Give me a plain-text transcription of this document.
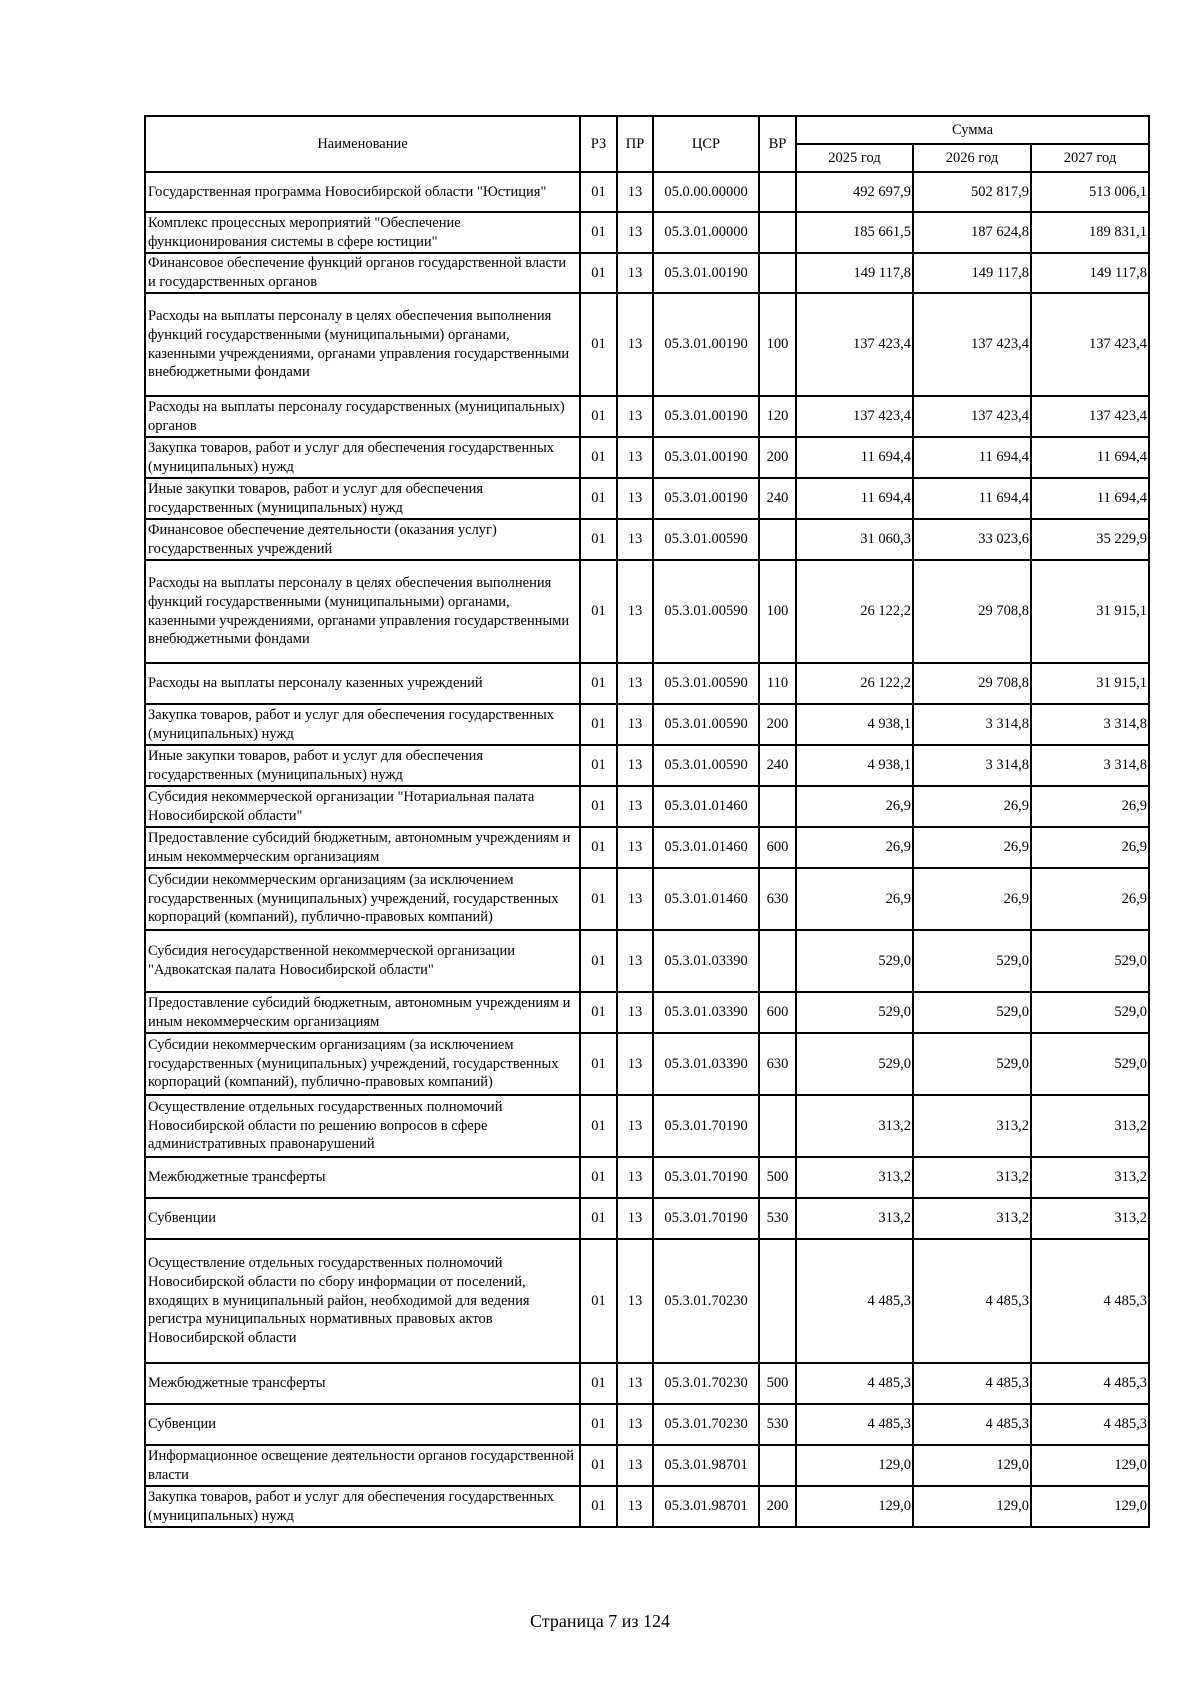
Наименование	РЗ	ПР	ЦСР	ВР	Сумма		
					2025 год	2026 год	2027 год
Государственная программа Новосибирской области "Юстиция"	01	13	05.0.00.00000		492 697,9	502 817,9	513 006,1
Комплекс процессных мероприятий "Обеспечение функционирования системы в сфере юстиции"	01	13	05.3.01.00000		185 661,5	187 624,8	189 831,1
Финансовое обеспечение функций органов государственной власти и государственных органов	01	13	05.3.01.00190		149 117,8	149 117,8	149 117,8
Расходы на выплаты персоналу в целях обеспечения выполнения функций государственными (муниципальными) органами, казенными учреждениями, органами управления государственными внебюджетными фондами	01	13	05.3.01.00190	100	137 423,4	137 423,4	137 423,4
Расходы на выплаты персоналу государственных (муниципальных) органов	01	13	05.3.01.00190	120	137 423,4	137 423,4	137 423,4
Закупка товаров, работ и услуг для обеспечения государственных (муниципальных) нужд	01	13	05.3.01.00190	200	11 694,4	11 694,4	11 694,4
Иные закупки товаров, работ и услуг для обеспечения государственных (муниципальных) нужд	01	13	05.3.01.00190	240	11 694,4	11 694,4	11 694,4
Финансовое обеспечение деятельности (оказания услуг) государственных учреждений	01	13	05.3.01.00590		31 060,3	33 023,6	35 229,9
Расходы на выплаты персоналу в целях обеспечения выполнения функций государственными (муниципальными) органами, казенными учреждениями, органами управления государственными внебюджетными фондами	01	13	05.3.01.00590	100	26 122,2	29 708,8	31 915,1
Расходы на выплаты персоналу казенных учреждений	01	13	05.3.01.00590	110	26 122,2	29 708,8	31 915,1
Закупка товаров, работ и услуг для обеспечения государственных (муниципальных) нужд	01	13	05.3.01.00590	200	4 938,1	3 314,8	3 314,8
Иные закупки товаров, работ и услуг для обеспечения государственных (муниципальных) нужд	01	13	05.3.01.00590	240	4 938,1	3 314,8	3 314,8
Субсидия некоммерческой организации "Нотариальная палата Новосибирской области"	01	13	05.3.01.01460		26,9	26,9	26,9
Предоставление субсидий бюджетным, автономным учреждениям и иным некоммерческим организациям	01	13	05.3.01.01460	600	26,9	26,9	26,9
Субсидии некоммерческим организациям (за исключением государственных (муниципальных) учреждений, государственных корпораций (компаний), публично-правовых компаний)	01	13	05.3.01.01460	630	26,9	26,9	26,9
Субсидия негосударственной некоммерческой организации "Адвокатская палата Новосибирской области"	01	13	05.3.01.03390		529,0	529,0	529,0
Предоставление субсидий бюджетным, автономным учреждениям и иным некоммерческим организациям	01	13	05.3.01.03390	600	529,0	529,0	529,0
Субсидии некоммерческим организациям (за исключением государственных (муниципальных) учреждений, государственных корпораций (компаний), публично-правовых компаний)	01	13	05.3.01.03390	630	529,0	529,0	529,0
Осуществление отдельных государственных полномочий Новосибирской области по решению вопросов в сфере административных правонарушений	01	13	05.3.01.70190		313,2	313,2	313,2
Межбюджетные трансферты	01	13	05.3.01.70190	500	313,2	313,2	313,2
Субвенции	01	13	05.3.01.70190	530	313,2	313,2	313,2
Осуществление отдельных государственных полномочий Новосибирской области по сбору информации от поселений, входящих в муниципальный район, необходимой для ведения регистра муниципальных нормативных правовых актов Новосибирской области	01	13	05.3.01.70230		4 485,3	4 485,3	4 485,3
Межбюджетные трансферты	01	13	05.3.01.70230	500	4 485,3	4 485,3	4 485,3
Субвенции	01	13	05.3.01.70230	530	4 485,3	4 485,3	4 485,3
Информационное освещение деятельности органов государственной власти	01	13	05.3.01.98701		129,0	129,0	129,0
Закупка товаров, работ и услуг для обеспечения государственных (муниципальных) нужд	01	13	05.3.01.98701	200	129,0	129,0	129,0
Страница 7 из 124
